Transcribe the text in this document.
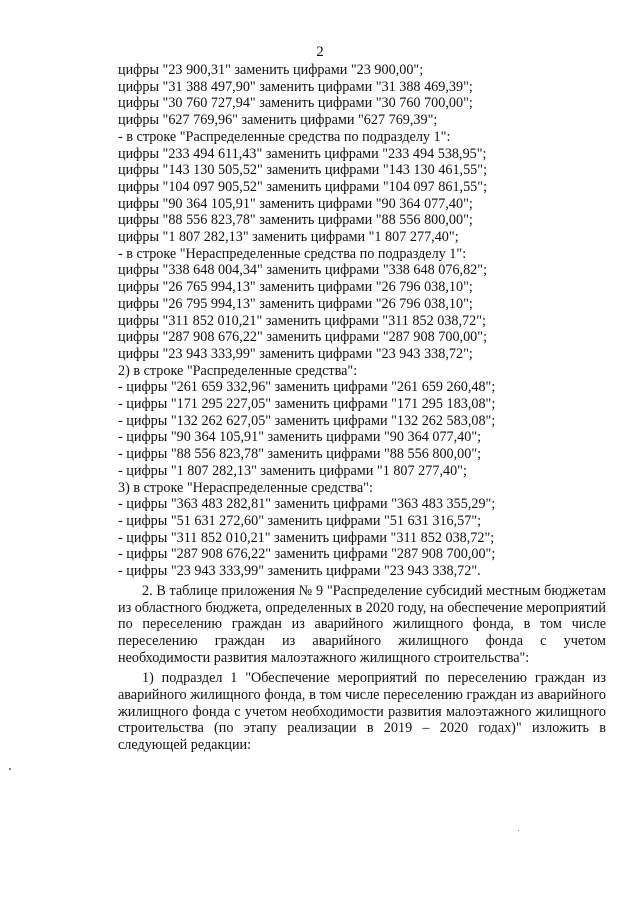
2
цифры "23 900,31" заменить цифрами "23 900,00";
цифры "31 388 497,90" заменить цифрами "31 388 469,39";
цифры "30 760 727,94" заменить цифрами "30 760 700,00";
цифры "627 769,96" заменить цифрами "627 769,39";
- в строке "Распределенные средства по подразделу 1":
цифры "233 494 611,43" заменить цифрами "233 494 538,95";
цифры "143 130 505,52" заменить цифрами "143 130 461,55";
цифры "104 097 905,52" заменить цифрами "104 097 861,55";
цифры "90 364 105,91" заменить цифрами "90 364 077,40";
цифры "88 556 823,78" заменить цифрами "88 556 800,00";
цифры "1 807 282,13" заменить цифрами "1 807 277,40";
- в строке "Нераспределенные средства по подразделу 1":
цифры "338 648 004,34" заменить цифрами "338 648 076,82";
цифры "26 765 994,13" заменить цифрами "26 796 038,10";
цифры "26 795 994,13" заменить цифрами "26 796 038,10";
цифры "311 852 010,21" заменить цифрами "311 852 038,72";
цифры "287 908 676,22" заменить цифрами "287 908 700,00";
цифры "23 943 333,99" заменить цифрами "23 943 338,72";
2) в строке "Распределенные средства":
- цифры "261 659 332,96" заменить цифрами "261 659 260,48";
- цифры "171 295 227,05" заменить цифрами "171 295 183,08";
- цифры "132 262 627,05" заменить цифрами "132 262 583,08";
- цифры "90 364 105,91" заменить цифрами "90 364 077,40";
- цифры "88 556 823,78" заменить цифрами "88 556 800,00";
- цифры "1 807 282,13" заменить цифрами "1 807 277,40";
3) в строке "Нераспределенные средства":
- цифры "363 483 282,81" заменить цифрами "363 483 355,29";
- цифры "51 631 272,60" заменить цифрами "51 631 316,57";
- цифры "311 852 010,21" заменить цифрами "311 852 038,72";
- цифры "287 908 676,22" заменить цифрами "287 908 700,00";
- цифры "23 943 333,99" заменить цифрами "23 943 338,72".
2. В таблице приложения № 9 "Распределение субсидий местным бюджетам из областного бюджета, определенных в 2020 году, на обеспечение мероприятий по переселению граждан из аварийного жилищного фонда, в том числе переселению граждан из аварийного жилищного фонда с учетом необходимости развития малоэтажного жилищного строительства":
1) подраздел 1 "Обеспечение мероприятий по переселению граждан из аварийного жилищного фонда, в том числе переселению граждан из аварийного жилищного фонда с учетом необходимости развития малоэтажного жилищного строительства (по этапу реализации в 2019 – 2020 годах)" изложить в следующей редакции:
